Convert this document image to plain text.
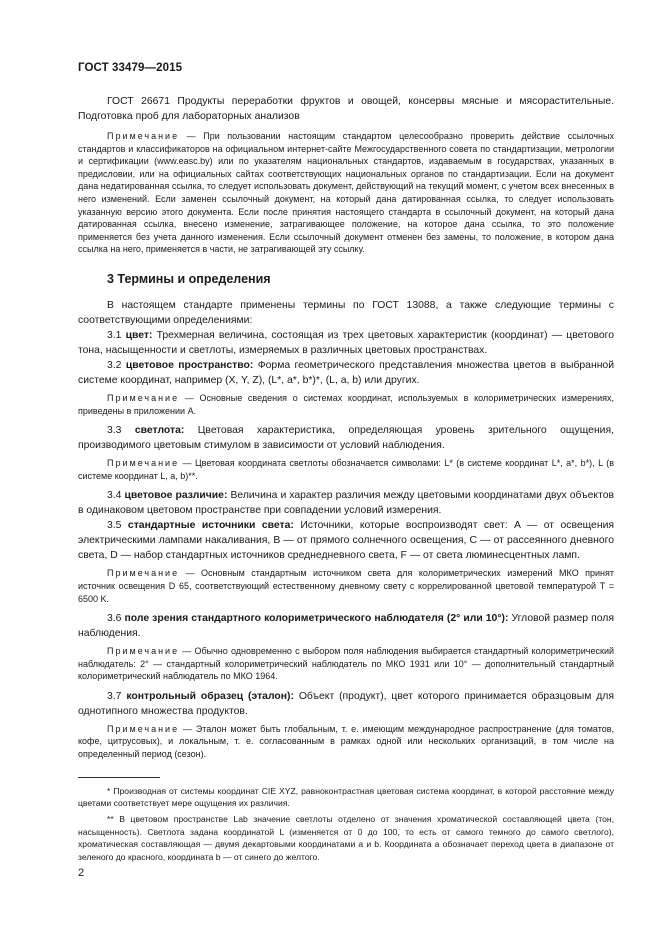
ГОСТ 33479—2015

ГОСТ 26671 Продукты переработки фруктов и овощей, консервы мясные и мясорастительные. Подготовка проб для лабораторных анализов

Примечание — При пользовании настоящим стандартом целесообразно проверить действие ссылочных стандартов и классификаторов на официальном интернет-сайте Межгосударственного совета по стандартизации, метрологии и сертификации (www.easc.by) или по указателям национальных стандартов, издаваемым в государствах, указанных в предисловии, или на официальных сайтах соответствующих национальных органов по стандартизации. Если на документ дана недатированная ссылка, то следует использовать документ, действующий на текущий момент, с учетом всех внесенных в него изменений. Если заменен ссылочный документ, на который дана датированная ссылка, то следует использовать указанную версию этого документа. Если после принятия настоящего стандарта в ссылочный документ, на который дана датированная ссылка, внесено изменение, затрагивающее положение, на которое дана ссылка, то это положение применяется без учета данного изменения. Если ссылочный документ отменен без замены, то положение, в котором дана ссылка на него, применяется в части, не затрагивающей эту ссылку.

3 Термины и определения

В настоящем стандарте применены термины по ГОСТ 13088, а также следующие термины с соответствующими определениями:

3.1 цвет: Трехмерная величина, состоящая из трех цветовых характеристик (координат) — цветового тона, насыщенности и светлоты, измеряемых в различных цветовых пространствах.

3.2 цветовое пространство: Форма геометрического представления множества цветов в выбранной системе координат, например (X, Y, Z), (L*, a*, b*)*, (L, a, b) или других.

Примечание — Основные сведения о системах координат, используемых в колориметрических измерениях, приведены в приложении А.

3.3 светлота: Цветовая характеристика, определяющая уровень зрительного ощущения, производимого цветовым стимулом в зависимости от условий наблюдения.

Примечание — Цветовая координата светлоты обозначается символами: L* (в системе координат L*, a*, b*), L (в системе координат L, a, b)**.

3.4 цветовое различие: Величина и характер различия между цветовыми координатами двух объектов в одинаковом цветовом пространстве при совпадении условий измерения.

3.5 стандартные источники света: Источники, которые воспроизводят свет: A — от освещения электрическими лампами накаливания, B — от прямого солнечного освещения, C — от рассеянного дневного света, D — набор стандартных источников среднедневного света, F — от света люминесцентных ламп.

Примечание — Основным стандартным источником света для колориметрических измерений МКО принят источник освещения D 65, соответствующий естественному дневному свету с коррелированной цветовой температурой T = 6500 K.

3.6 поле зрения стандартного колориметрического наблюдателя (2° или 10°): Угловой размер поля наблюдения.

Примечание — Обычно одновременно с выбором поля наблюдения выбирается стандартный колориметрический наблюдатель: 2° — стандартный колориметрический наблюдатель по МКО 1931 или 10° — дополнительный стандартный колориметрический наблюдатель по МКО 1964.

3.7 контрольный образец (эталон): Объект (продукт), цвет которого принимается образцовым для однотипного множества продуктов.

Примечание — Эталон может быть глобальным, т. е. имеющим международное распространение (для томатов, кофе, цитрусовых), и локальным, т. е. согласованным в рамках одной или нескольких организаций, в том числе на определенный период (сезон).

* Производная от системы координат CIE XYZ, равноконтрастная цветовая система координат, в которой расстояние между цветами соответствует мере ощущения их различия.

** В цветовом пространстве Lab значение светлоты отделено от значения хроматической составляющей цвета (тон, насыщенность). Светлота задана координатой L (изменяется от 0 до 100, то есть от самого темного до самого светлого), хроматическая составляющая — двумя декартовыми координатами a и b. Координата a обозначает переход цвета в диапазоне от зеленого до красного, координата b — от синего до желтого.

2
